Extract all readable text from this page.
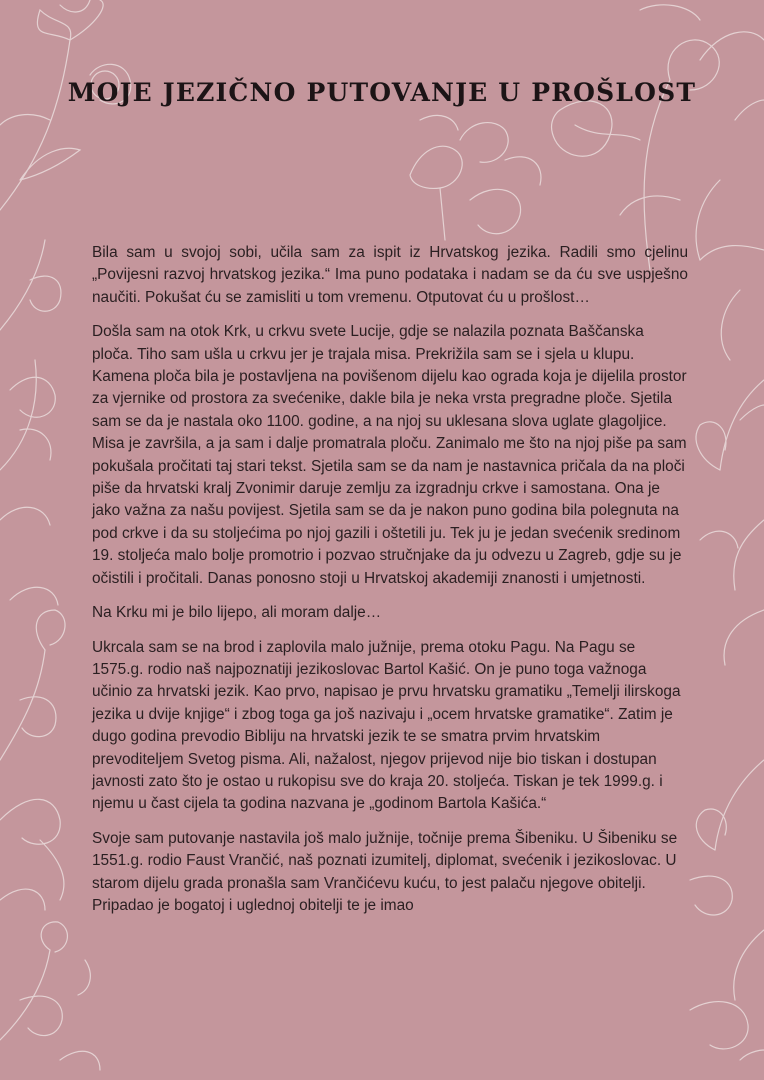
MOJE JEZIČNO PUTOVANJE U PROŠLOST

Bila sam u svojoj sobi, učila sam za ispit iz Hrvatskog jezika. Radili smo cjelinu „Povijesni razvoj hrvatskog jezika.“ Ima puno podataka i nadam se da ću sve uspješno naučiti. Pokušat ću se zamisliti u tom vremenu. Otputovat ću u prošlost…

Došla sam na otok Krk, u crkvu svete Lucije, gdje se nalazila poznata Baščanska ploča. Tiho sam ušla u crkvu jer je trajala misa. Prekrižila sam se i sjela u klupu. Kamena ploča bila je postavljena na povišenom dijelu kao ograda koja je dijelila prostor za vjernike od prostora za svećenike, dakle bila je neka vrsta pregradne ploče. Sjetila sam se da je nastala oko 1100. godine, a na njoj su uklesana slova uglate glagoljice. Misa je završila, a ja sam i dalje promatrala ploču. Zanimalo me što na njoj piše pa sam pokušala pročitati taj stari tekst. Sjetila sam se da nam je nastavnica pričala da na ploči piše da hrvatski kralj Zvonimir daruje zemlju za izgradnju crkve i samostana. Ona je jako važna za našu povijest. Sjetila sam se da je nakon puno godina bila polegnuta na pod crkve i da su stoljećima po njoj gazili i oštetili ju. Tek ju je jedan svećenik sredinom 19. stoljeća malo bolje promotrio i pozvao stručnjake da ju odvezu u Zagreb, gdje su je očistili i pročitali. Danas ponosno stoji u Hrvatskoj akademiji znanosti i umjetnosti.

Na Krku mi je bilo lijepo, ali moram dalje…

Ukrcala sam se na brod i zaplovila malo južnije, prema otoku Pagu. Na Pagu se 1575.g. rodio naš najpoznatiji jezikoslovac Bartol Kašić. On je puno toga važnoga učinio za hrvatski jezik. Kao prvo, napisao je prvu hrvatsku gramatiku „Temelji ilirskoga jezika u dvije knjige“ i zbog toga ga još nazivaju i „ocem hrvatske gramatike“. Zatim je dugo godina prevodio Bibliju na hrvatski jezik te se smatra prvim hrvatskim prevoditeljem Svetog pisma. Ali, nažalost, njegov prijevod nije bio tiskan i dostupan javnosti zato što je ostao u rukopisu sve do kraja 20. stoljeća. Tiskan je tek 1999.g. i njemu u čast cijela ta godina nazvana je „godinom Bartola Kašića.“

Svoje sam putovanje nastavila još malo južnije, točnije prema Šibeniku. U Šibeniku se 1551.g. rodio Faust Vrančić, naš poznati izumitelj, diplomat, svećenik i jezikoslovac. U starom dijelu grada pronašla sam Vrančićevu kuću, to jest palaču njegove obitelji. Pripadao je bogatoj i uglednoj obitelji te je imao
